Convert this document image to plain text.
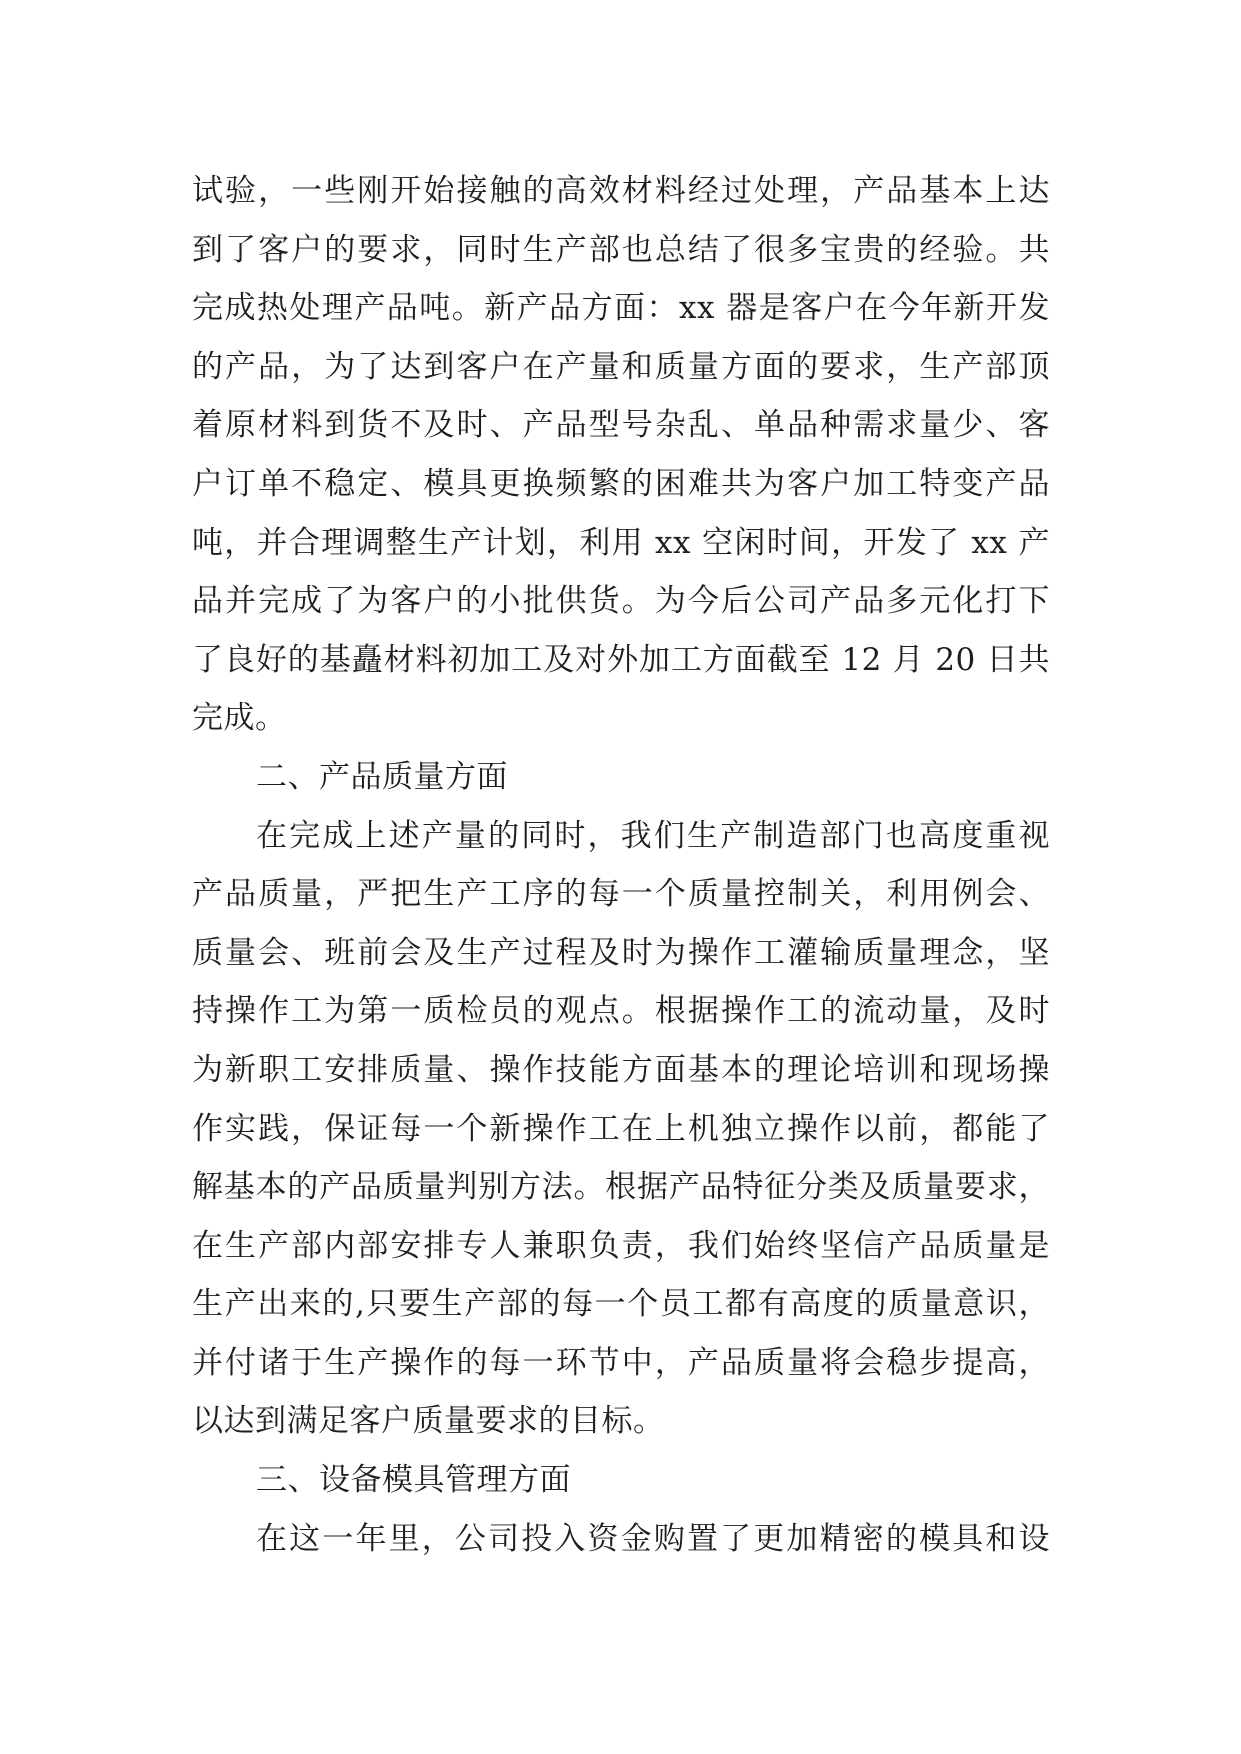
试验，一些刚开始接触的高效材料经过处理，产品基本上达
到了客户的要求，同时生产部也总结了很多宝贵的经验。共
完成热处理产品吨。新产品方面：xx 器是客户在今年新开发
的产品，为了达到客户在产量和质量方面的要求，生产部顶
着原材料到货不及时、产品型号杂乱、单品种需求量少、客
户订单不稳定、模具更换频繁的困难共为客户加工特变产品
吨，并合理调整生产计划，利用 xx 空闲时间，开发了 xx 产
品并完成了为客户的小批供货。为今后公司产品多元化打下
了良好的基矗材料初加工及对外加工方面截至 12 月 20 日共
完成。
二、产品质量方面
在完成上述产量的同时，我们生产制造部门也高度重视
产品质量，严把生产工序的每一个质量控制关，利用例会、
质量会、班前会及生产过程及时为操作工灌输质量理念，坚
持操作工为第一质检员的观点。根据操作工的流动量，及时
为新职工安排质量、操作技能方面基本的理论培训和现场操
作实践，保证每一个新操作工在上机独立操作以前，都能了
解基本的产品质量判别方法。根据产品特征分类及质量要求，
在生产部内部安排专人兼职负责，我们始终坚信产品质量是
生产出来的,只要生产部的每一个员工都有高度的质量意识，
并付诸于生产操作的每一环节中，产品质量将会稳步提高，
以达到满足客户质量要求的目标。
三、设备模具管理方面
在这一年里，公司投入资金购置了更加精密的模具和设
